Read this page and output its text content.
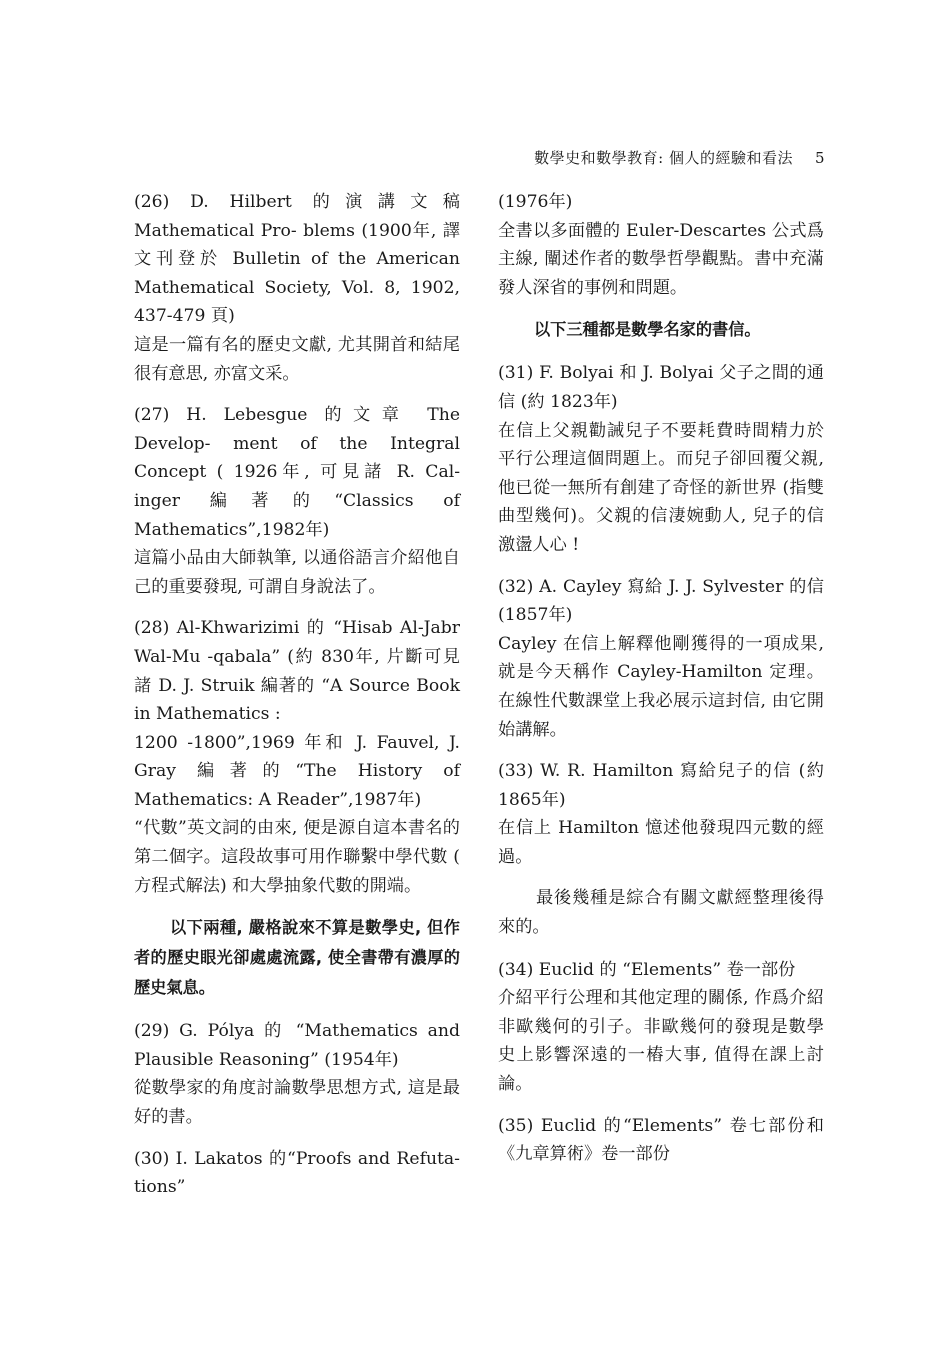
數學史和數學教育: 個人的經驗和看法 5

(26) D. Hilbert 的演講文稿 Mathematical Pro- blems (1900年, 譯文刊登於 Bulletin of the American Mathematical Society, Vol. 8, 1902, 437-479 頁)

這是一篇有名的歷史文獻, 尤其開首和結尾很有意思, 亦富文采。

(27) H. Lebesgue 的文章 The Develop- ment of the Integral Concept ( 1926年, 可見諸 R. Cal- inger 編著的“Classics of Mathematics”,1982年)

這篇小品由大師執筆, 以通俗語言介紹他自己的重要發現, 可謂自身說法了。

(28) Al-Khwarizimi 的 “Hisab Al-Jabr Wal-Mu -qabala” (約 830年, 片斷可見諸 D. J. Struik 編著的 “A Source Book in Mathematics :

1200 -1800”,1969 年和 J. Fauvel, J. Gray 編著的“The History of Mathematics: A Reader”,1987年)

“代數”英文詞的由來, 便是源自這本書名的第二個字。這段故事可用作聯繫中學代數 ( 方程式解法) 和大學抽象代數的開端。

以下兩種, 嚴格說來不算是數學史, 但作者的歷史眼光卻處處流露, 使全書帶有濃厚的歷史氣息。

(29) G. Pólya 的 “Mathematics and Plausible Reasoning” (1954年)

從數學家的角度討論數學思想方式, 這是最好的書。

(30) I. Lakatos 的“Proofs and Refuta- tions”

(1976年)

全書以多面體的 Euler-Descartes 公式爲主線, 闡述作者的數學哲學觀點。書中充滿發人深省的事例和問題。

以下三種都是數學名家的書信。

(31) F. Bolyai 和 J. Bolyai 父子之間的通信 (約 1823年)

在信上父親勸誡兒子不要耗費時間精力於平行公理這個問題上。而兒子卻回覆父親, 他已從一無所有創建了奇怪的新世界 (指雙曲型幾何)。父親的信淒婉動人, 兒子的信激盪人心 !

(32) A. Cayley 寫給 J. J. Sylvester 的信 (1857年)

Cayley 在信上解釋他剛獲得的一項成果, 就是今天稱作 Cayley-Hamilton 定理。在線性代數課堂上我必展示這封信, 由它開始講解。

(33) W. R. Hamilton 寫給兒子的信 (約 1865年)

在信上 Hamilton 憶述他發現四元數的經過。

最後幾種是綜合有關文獻經整理後得來的。

(34) Euclid 的 “Elements” 卷一部份

介紹平行公理和其他定理的關係, 作爲介紹非歐幾何的引子。非歐幾何的發現是數學史上影響深遠的一樁大事, 值得在課上討論。

(35) Euclid 的“Elements” 卷七部份和《九章算術》卷一部份
